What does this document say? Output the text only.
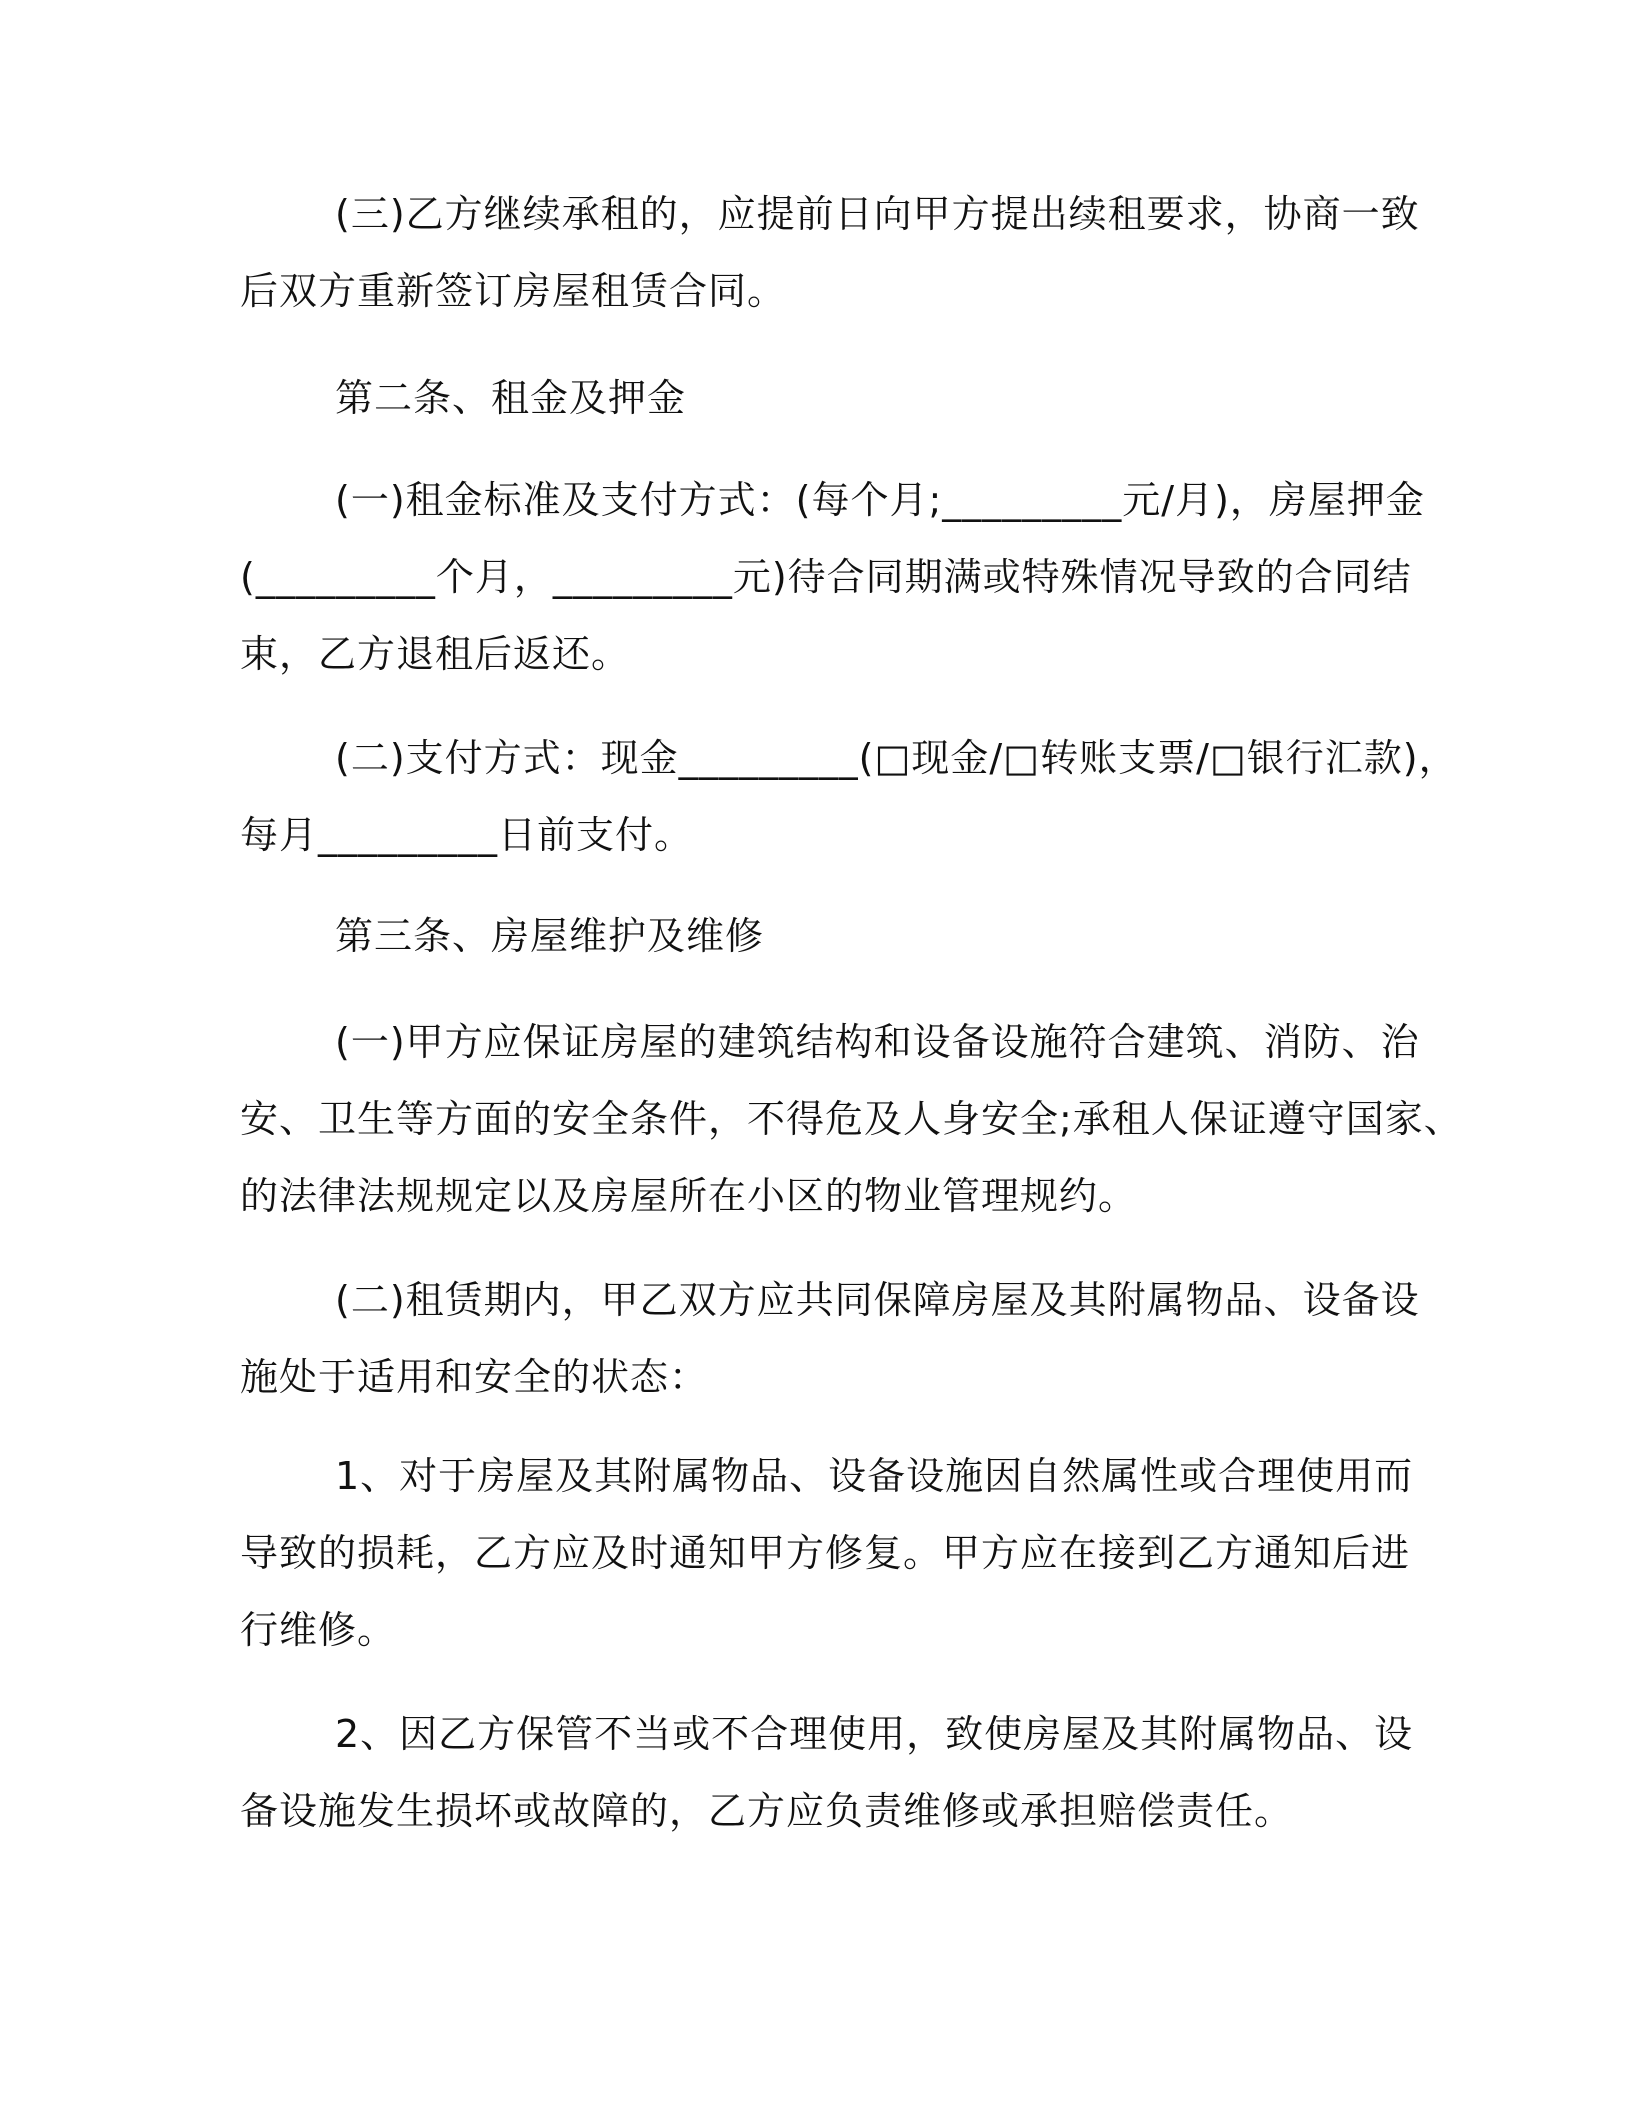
(三)乙方继续承租的，应提前日向甲方提出续租要求，协商一致
后双方重新签订房屋租赁合同。
第二条、租金及押金
(一)租金标准及支付方式：(每个月;_________元/月)，房屋押金
(_________个月，_________元)待合同期满或特殊情况导致的合同结
束，乙方退租后返还。
(二)支付方式：现金_________(□现金/□转账支票/□银行汇款)，
每月_________日前支付。
第三条、房屋维护及维修
(一)甲方应保证房屋的建筑结构和设备设施符合建筑、消防、治
安、卫生等方面的安全条件，不得危及人身安全;承租人保证遵守国家、
的法律法规规定以及房屋所在小区的物业管理规约。
(二)租赁期内，甲乙双方应共同保障房屋及其附属物品、设备设
施处于适用和安全的状态：
1、对于房屋及其附属物品、设备设施因自然属性或合理使用而
导致的损耗，乙方应及时通知甲方修复。甲方应在接到乙方通知后进
行维修。
2、因乙方保管不当或不合理使用，致使房屋及其附属物品、设
备设施发生损坏或故障的，乙方应负责维修或承担赔偿责任。
